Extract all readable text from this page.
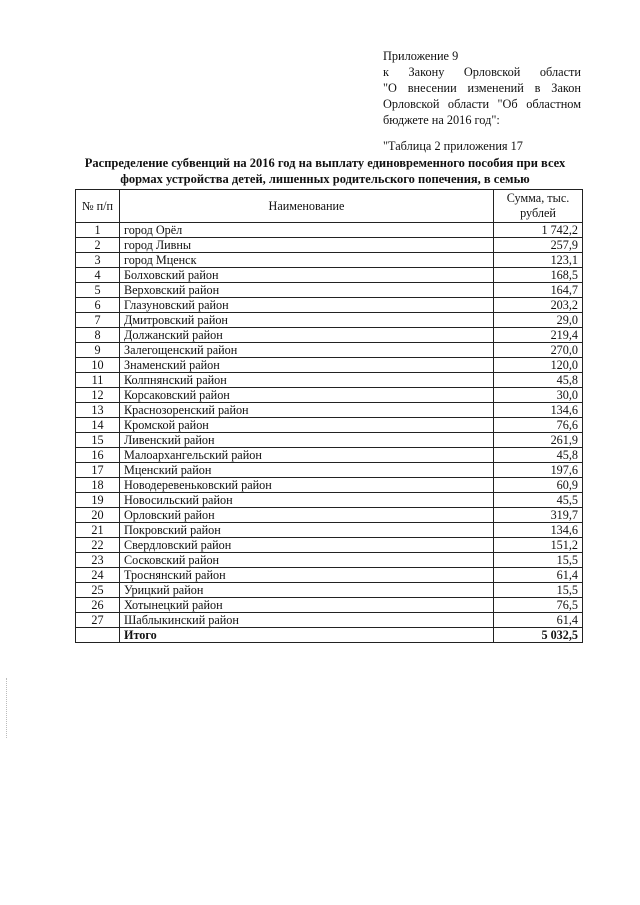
Приложение 9
к Закону Орловской области
"О внесении изменений в Закон
Орловской области "Об областном
бюджете на 2016 год":
"Таблица 2 приложения 17
Распределение субвенций на 2016 год на выплату единовременного пособия при всех
формах устройства детей, лишенных родительского попечения, в семью
№ п/п	Наименование	Сумма, тыс. рублей
1	город Орёл	1 742,2
2	город Ливны	257,9
3	город Мценск	123,1
4	Болховский район	168,5
5	Верховский район	164,7
6	Глазуновский район	203,2
7	Дмитровский район	29,0
8	Должанский район	219,4
9	Залегощенский район	270,0
10	Знаменский район	120,0
11	Колпнянский район	45,8
12	Корсаковский район	30,0
13	Краснозоренский район	134,6
14	Кромской район	76,6
15	Ливенский район	261,9
16	Малоархангельский район	45,8
17	Мценский район	197,6
18	Новодеревеньковский район	60,9
19	Новосильский район	45,5
20	Орловский район	319,7
21	Покровский район	134,6
22	Свердловский район	151,2
23	Сосковский район	15,5
24	Троснянский район	61,4
25	Урицкий район	15,5
26	Хотынецкий район	76,5
27	Шаблыкинский район	61,4
	Итого	5 032,5
